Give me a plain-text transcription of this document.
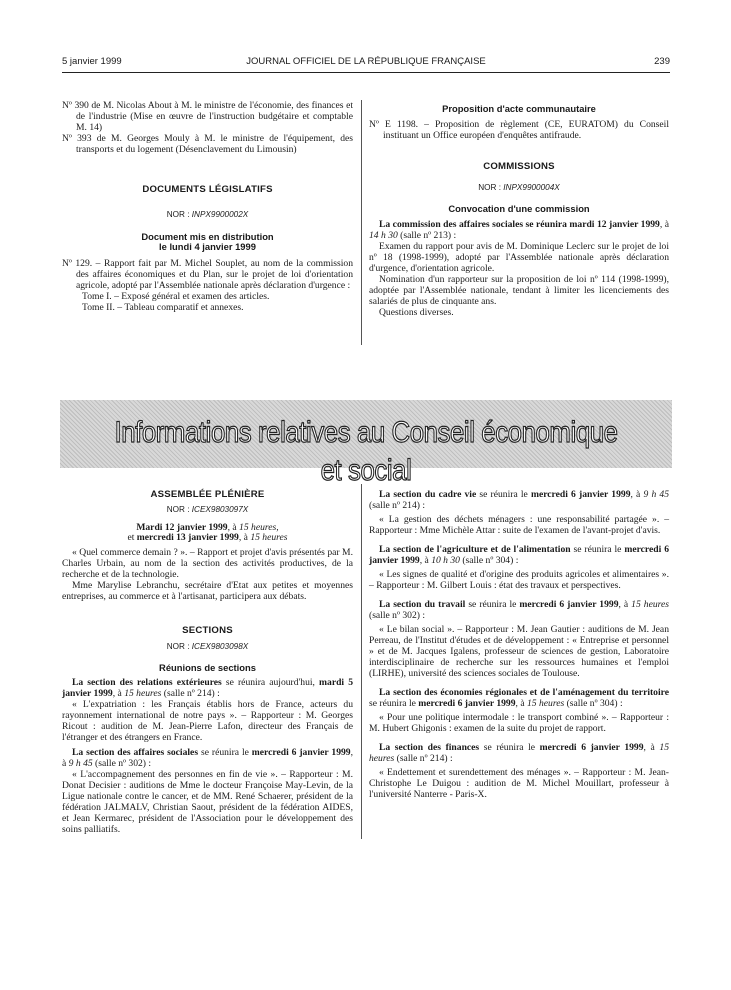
5 janvier 1999	JOURNAL OFFICIEL DE LA RÉPUBLIQUE FRANÇAISE	239

Nº 390 de M. Nicolas About à M. le ministre de l'économie, des finances et de l'industrie (Mise en œuvre de l'instruction budgétaire et comptable M. 14)

Nº 393 de M. Georges Mouly à M. le ministre de l'équipement, des transports et du logement (Désenclavement du Limousin)

DOCUMENTS LÉGISLATIFS
NOR : INPX9900002X
Document mis en distribution
le lundi 4 janvier 1999

Nº 129. – Rapport fait par M. Michel Souplet, au nom de la commission des affaires économiques et du Plan, sur le projet de loi d'orientation agricole, adopté par l'Assemblée nationale après déclaration d'urgence :

Tome I. – Exposé général et examen des articles.

Tome II. – Tableau comparatif et annexes.

Proposition d'acte communautaire

Nº E 1198. – Proposition de règlement (CE, EURATOM) du Conseil instituant un Office européen d'enquêtes antifraude.

COMMISSIONS
NOR : INPX9900004X
Convocation d'une commission

La commission des affaires sociales se réunira mardi 12 janvier 1999, à 14 h 30 (salle nº 213) :

Examen du rapport pour avis de M. Dominique Leclerc sur le projet de loi nº 18 (1998-1999), adopté par l'Assemblée nationale après déclaration d'urgence, d'orientation agricole.

Nomination d'un rapporteur sur la proposition de loi nº 114 (1998-1999), adoptée par l'Assemblée nationale, tendant à limiter les licenciements des salariés de plus de cinquante ans.

Questions diverses.

Informations relatives au Conseil économique et social
ASSEMBLÉE PLÉNIÈRE
NOR : ICEX9803097X
Mardi 12 janvier 1999, à 15 heures,
et mercredi 13 janvier 1999, à 15 heures

« Quel commerce demain ? ». – Rapport et projet d'avis présentés par M. Charles Urbain, au nom de la section des activités productives, de la recherche et de la technologie.

Mme Marylise Lebranchu, secrétaire d'Etat aux petites et moyennes entreprises, au commerce et à l'artisanat, participera aux débats.

SECTIONS
NOR : ICEX9803098X
Réunions de sections

La section des relations extérieures se réunira aujourd'hui, mardi 5 janvier 1999, à 15 heures (salle nº 214) :

« L'expatriation : les Français établis hors de France, acteurs du rayonnement international de notre pays ». – Rapporteur : M. Georges Ricout : audition de M. Jean-Pierre Lafon, directeur des Français de l'étranger et des étrangers en France.

La section des affaires sociales se réunira le mercredi 6 janvier 1999, à 9 h 45 (salle nº 302) :

« L'accompagnement des personnes en fin de vie ». – Rapporteur : M. Donat Decisier : auditions de Mme le docteur Françoise May-Levin, de la Ligue nationale contre le cancer, et de MM. René Schaerer, président de la fédération JALMALV, Christian Saout, président de la fédération AIDES, et Jean Kermarec, président de l'Association pour le développement des soins palliatifs.

La section du cadre vie se réunira le mercredi 6 janvier 1999, à 9 h 45 (salle nº 214) :

« La gestion des déchets ménagers : une responsabilité partagée ». – Rapporteur : Mme Michèle Attar : suite de l'examen de l'avant-projet d'avis.

La section de l'agriculture et de l'alimentation se réunira le mercredi 6 janvier 1999, à 10 h 30 (salle nº 304) :

« Les signes de qualité et d'origine des produits agricoles et alimentaires ». – Rapporteur : M. Gilbert Louis : état des travaux et perspectives.

La section du travail se réunira le mercredi 6 janvier 1999, à 15 heures (salle nº 302) :

« Le bilan social ». – Rapporteur : M. Jean Gautier : auditions de M. Jean Perreau, de l'Institut d'études et de développement : « Entreprise et personnel » et de M. Jacques Igalens, professeur de sciences de gestion, Laboratoire interdisciplinaire de recherche sur les ressources humaines et l'emploi (LIRHE), université des sciences sociales de Toulouse.

La section des économies régionales et de l'aménagement du territoire se réunira le mercredi 6 janvier 1999, à 15 heures (salle nº 304) :

« Pour une politique intermodale : le transport combiné ». – Rapporteur : M. Hubert Ghigonis : examen de la suite du projet de rapport.

La section des finances se réunira le mercredi 6 janvier 1999, à 15 heures (salle nº 214) :

« Endettement et surendettement des ménages ». – Rapporteur : M. Jean-Christophe Le Duigou : audition de M. Michel Mouillart, professeur à l'université Nanterre - Paris-X.
